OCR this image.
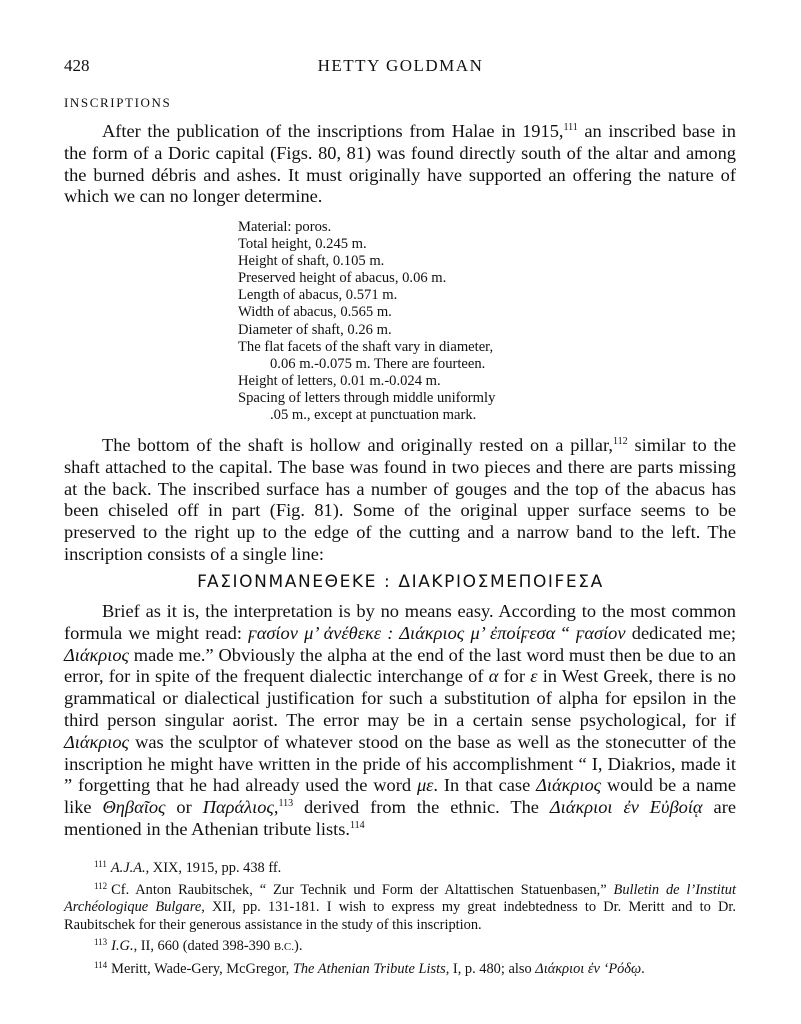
428	HETTY GOLDMAN
INSCRIPTIONS

After the publication of the inscriptions from Halae in 1915,$^{111}$ an inscribed base in the form of a Doric capital (Figs. 80, 81) was found directly south of the altar and among the burned débris and ashes. It must originally have supported an offering the nature of which we can no longer determine.

Material: poros.
Total height, 0.245 m.
Height of shaft, 0.105 m.
Preserved height of abacus, 0.06 m.
Length of abacus, 0.571 m.
Width of abacus, 0.565 m.
Diameter of shaft, 0.26 m.
The flat facets of the shaft vary in diameter,
0.06 m.-0.075 m. There are fourteen.
Height of letters, 0.01 m.-0.024 m.
Spacing of letters through middle uniformly
.05 m., except at punctuation mark.

The bottom of the shaft is hollow and originally rested on a pillar,$^{112}$ similar to the shaft attached to the capital. The base was found in two pieces and there are parts missing at the back. The inscribed surface has a number of gouges and the top of the abacus has been chiseled off in part (Fig. 81). Some of the original upper surface seems to be preserved to the right up to the edge of the cutting and a narrow band to the left. The inscription consists of a single line:

FAΣIONMANEΘEKE : ΔIAKPIOΣMEΠOIFEΣA

Brief as it is, the interpretation is by no means easy. According to the most common formula we might read: ϝασίον μ’ ἀνέθεκε : Διάκριος μ’ ἐποίϝεσα “ ϝασίον dedicated me; Διάκριος made me.” Obviously the alpha at the end of the last word must then be due to an error, for in spite of the frequent dialectic interchange of α for ε in West Greek, there is no grammatical or dialectical justification for such a substitution of alpha for epsilon in the third person singular aorist. The error may be in a certain sense psychological, for if Διάκριος was the sculptor of whatever stood on the base as well as the stonecutter of the inscription he might have written in the pride of his accomplishment “ I, Diakrios, made it ” forgetting that he had already used the word με. In that case Διάκριος would be a name like Θηβαῖος or Παράλιος,$^{113}$ derived from the ethnic. The Διάκριοι ἐν Εὐβοίᾳ are mentioned in the Athenian tribute lists.$^{114}$

$^{111}$ A.J.A., XIX, 1915, pp. 438 ff.

$^{112}$ Cf. Anton Raubitschek, “ Zur Technik und Form der Altattischen Statuenbasen,” Bulletin de l’Institut Archéologique Bulgare, XII, pp. 131-181. I wish to express my great indebtedness to Dr. Meritt and to Dr. Raubitschek for their generous assistance in the study of this inscription.

$^{113}$ I.G., II, 660 (dated 398-390 B.C.).

$^{114}$ Meritt, Wade-Gery, McGregor, The Athenian Tribute Lists, I, p. 480; also Διάκριοι ἐν ‘Ρόδῳ.
